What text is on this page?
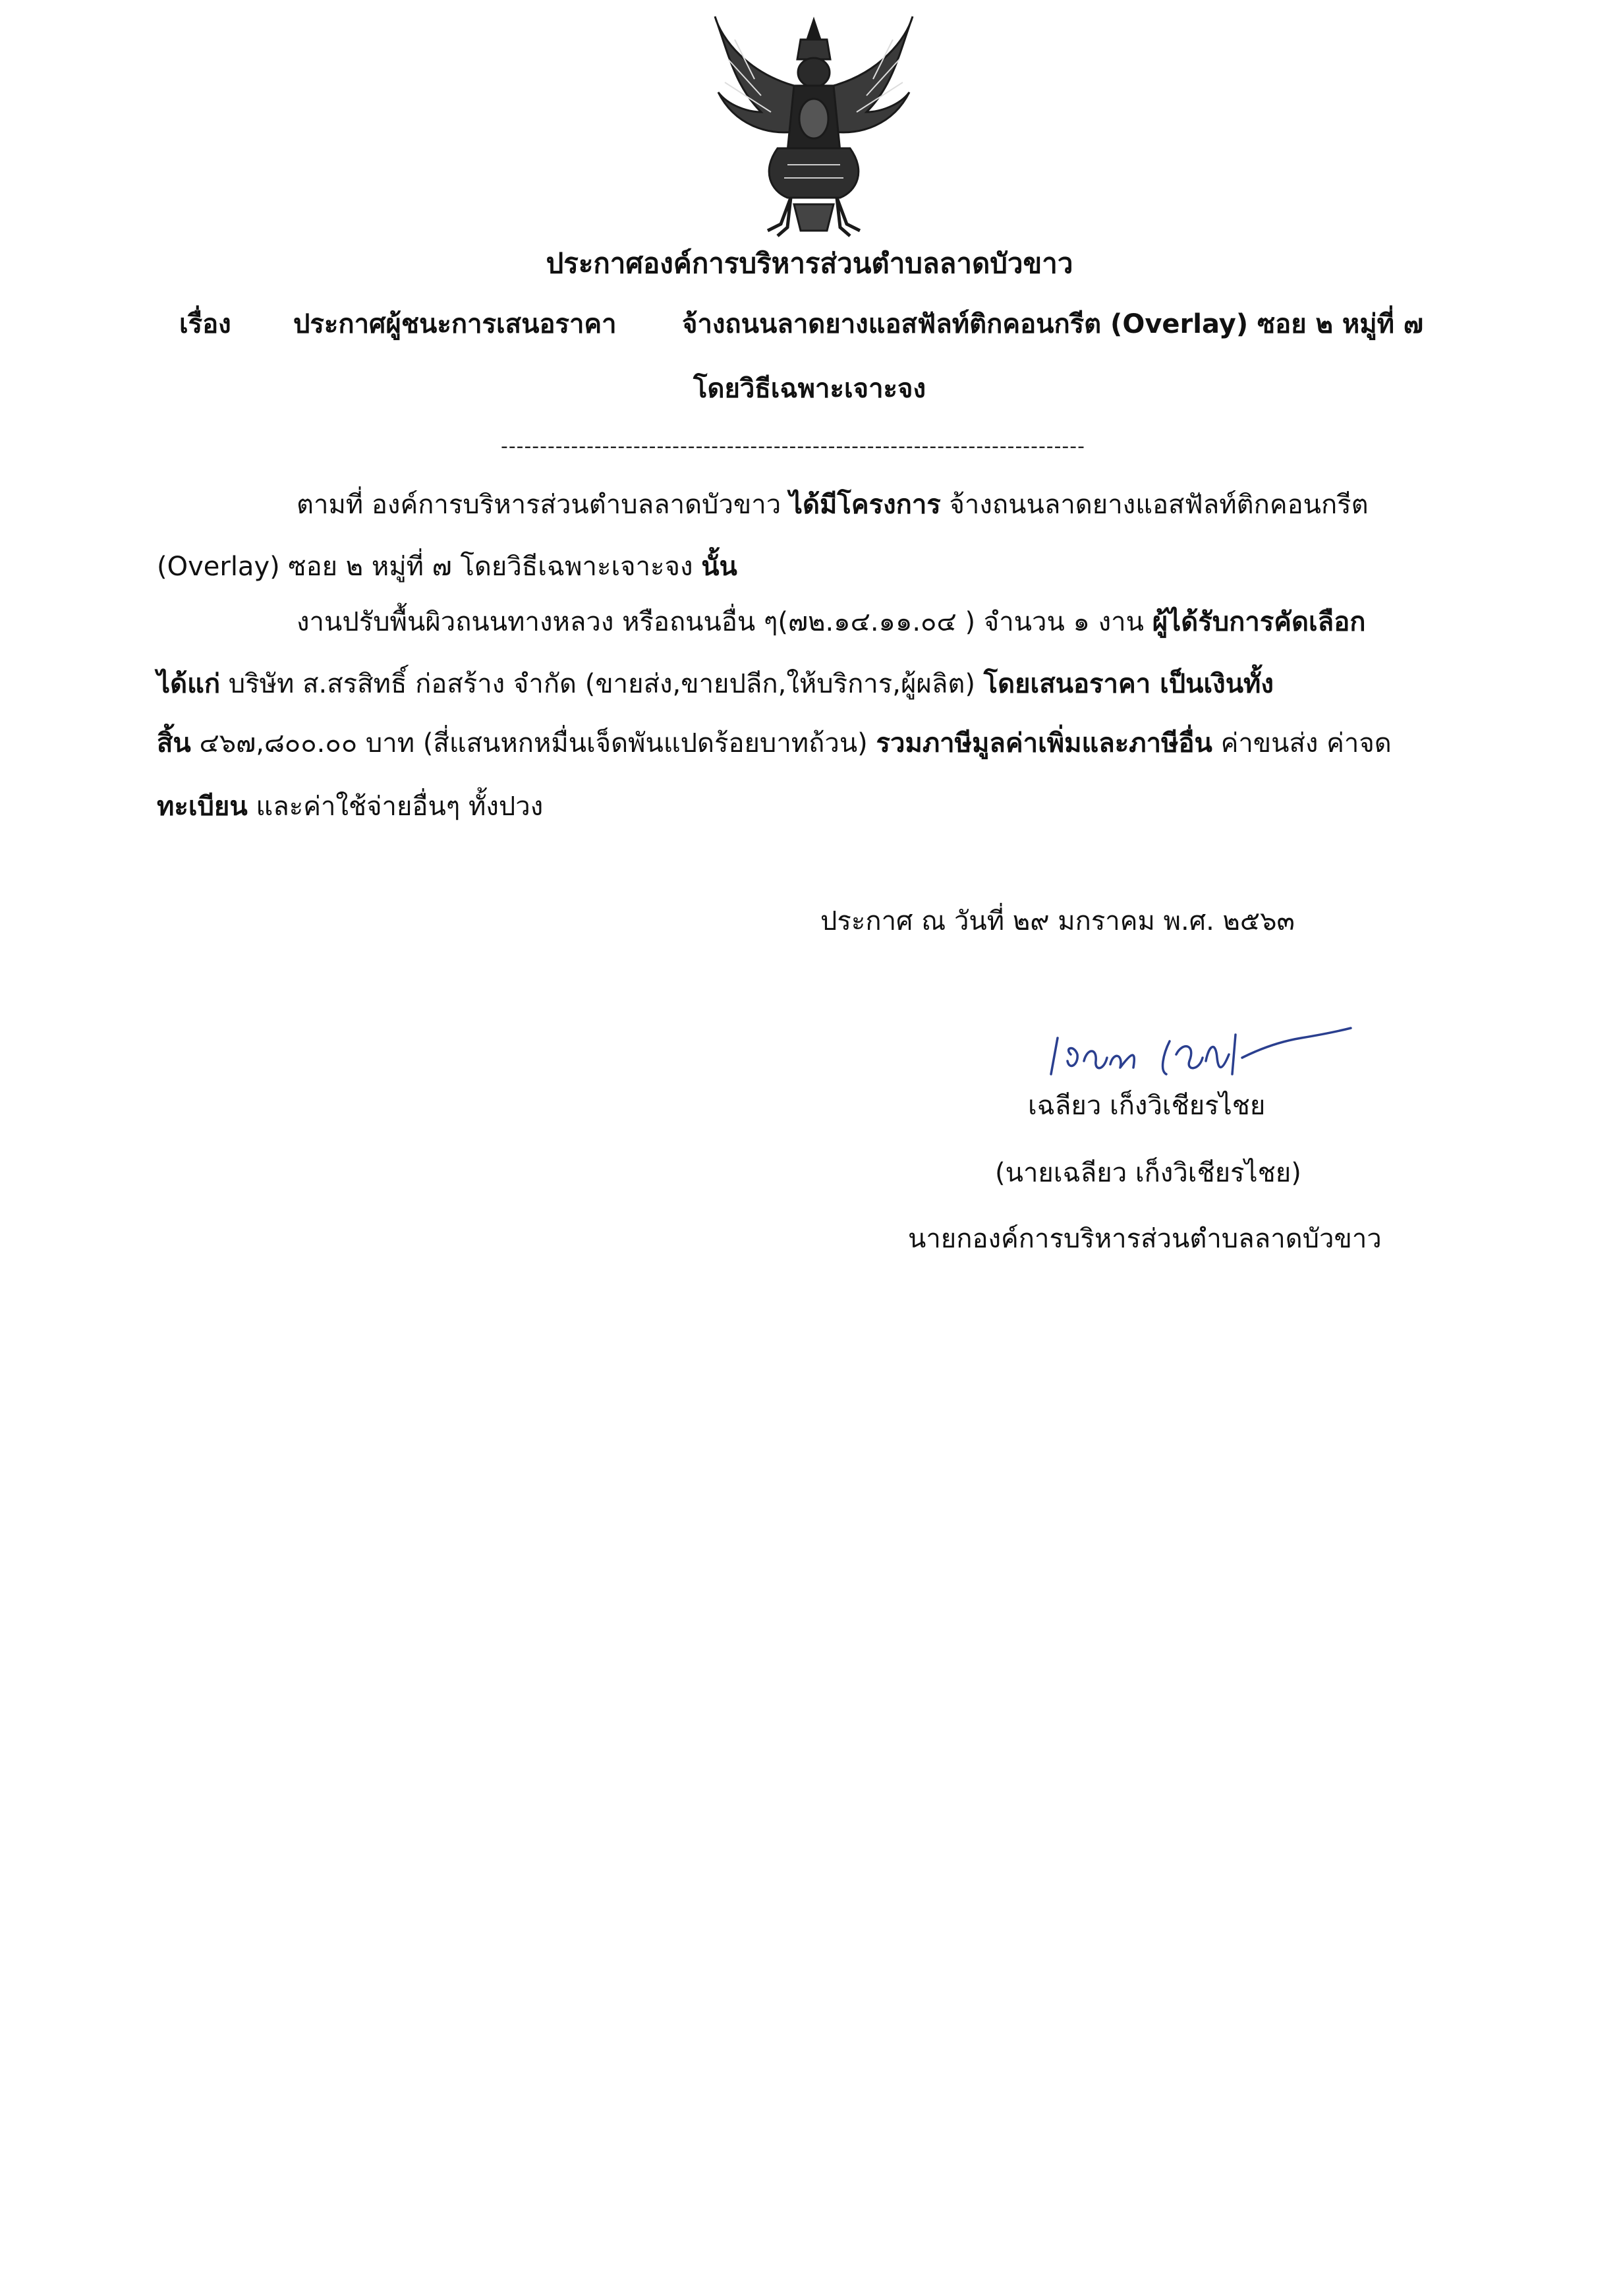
ประกาศองค์การบริหารส่วนตำบลลาดบัวขาว
เรื่อง ประกาศผู้ชนะการเสนอราคา จ้างถนนลาดยางแอสฟัลท์ติกคอนกรีต (Overlay) ซอย ๒ หมู่ที่ ๗
โดยวิธีเฉพาะเจาะจง
---------------------------------------------------------------------------
ตามที่ องค์การบริหารส่วนตำบลลาดบัวขาว ได้มีโครงการ จ้างถนนลาดยางแอสฟัลท์ติกคอนกรีต
(Overlay) ซอย ๒ หมู่ที่ ๗ โดยวิธีเฉพาะเจาะจง นั้น
งานปรับพื้นผิวถนนทางหลวง หรือถนนอื่น ๆ(๗๒.๑๔.๑๑.๐๔ ) จำนวน ๑ งาน ผู้ได้รับการคัดเลือก
ได้แก่ บริษัท ส.สรสิทธิ์ ก่อสร้าง จำกัด (ขายส่ง,ขายปลีก,ให้บริการ,ผู้ผลิต) โดยเสนอราคา เป็นเงินทั้ง
สิ้น ๔๖๗,๘๐๐.๐๐ บาท (สี่แสนหกหมื่นเจ็ดพันแปดร้อยบาทถ้วน) รวมภาษีมูลค่าเพิ่มและภาษีอื่น ค่าขนส่ง ค่าจด
ทะเบียน และค่าใช้จ่ายอื่นๆ ทั้งปวง
ประกาศ ณ วันที่ ๒๙ มกราคม พ.ศ. ๒๕๖๓
เฉลียว เก็งวิเชียรไชย
(นายเฉลียว เก็งวิเชียรไชย)
นายกองค์การบริหารส่วนตำบลลาดบัวขาว
